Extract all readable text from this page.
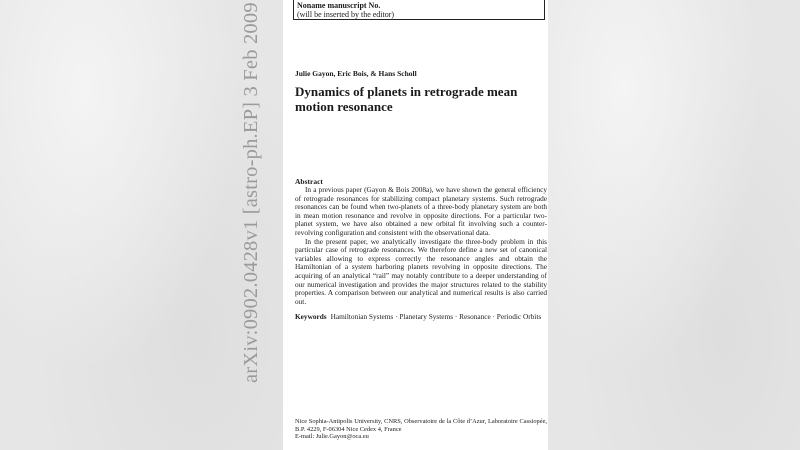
arXiv:0902.0428v1 [astro-ph.EP] 3 Feb 2009	Noname manuscript No.
(will be inserted by the editor)
Julie Gayon, Eric Bois, & Hans Scholl
Dynamics of planets in retrograde mean motion resonance
Abstract

In a previous paper (Gayon & Bois 2008a), we have shown the general efficiency of retrograde resonances for stabilizing compact planetary systems. Such retrograde resonances can be found when two-planets of a three-body planetary system are both in mean motion resonance and revolve in opposite directions. For a particular two-planet system, we have also obtained a new orbital fit involving such a counter-revolving configuration and consistent with the observational data.

In the present paper, we analytically investigate the three-body problem in this particular case of retrograde resonances. We therefore define a new set of canonical variables allowing to express correctly the resonance angles and obtain the Hamiltonian of a system harboring planets revolving in opposite directions. The acquiring of an analytical “rail” may notably contribute to a deeper understanding of our numerical investigation and provides the major structures related to the stability properties. A comparison between our analytical and numerical results is also carried out.

Keywords Hamiltonian Systems · Planetary Systems · Resonance · Periodic Orbits
Nice Sophia-Antipolis University, CNRS, Observatoire de la Côte d’Azur, Laboratoire Cassiopée, B.P. 4229, F-06304 Nice Cedex 4, France
E-mail: Julie.Gayon@oca.eu
